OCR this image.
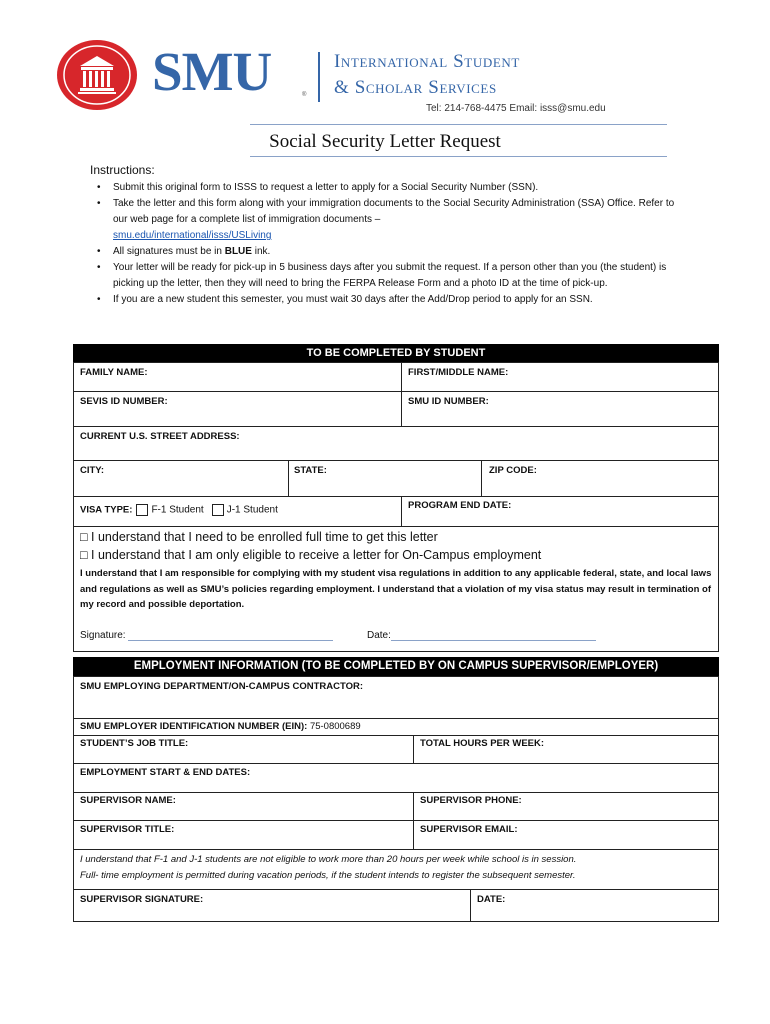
SMU	®
International Student
& Scholar Services
Tel: 214-768-4475 Email: isss@smu.edu
Social Security Letter Request
Instructions:
• Submit this original form to ISSS to request a letter to apply for a Social Security Number (SSN).
• Take the letter and this form along with your immigration documents to the Social Security Administration (SSA) Office. Refer to our web page for a complete list of immigration documents –
smu.edu/international/isss/USLiving
• All signatures must be in BLUE ink.
• Your letter will be ready for pick-up in 5 business days after you submit the request. If a person other than you (the student) is picking up the letter, then they will need to bring the FERPA Release Form and a photo ID at the time of pick-up.
• If you are a new student this semester, you must wait 30 days after the Add/Drop period to apply for an SSN.
TO BE COMPLETED BY STUDENT
FAMILY NAME:	FIRST/MIDDLE NAME:
SEVIS ID NUMBER:	SMU ID NUMBER:
CURRENT U.S. STREET ADDRESS:
CITY:	STATE:	ZIP CODE:
VISA TYPE: F-1 Student J-1 Student	PROGRAM END DATE:
□ I understand that I need to be enrolled full time to get this letter
□ I understand that I am only eligible to receive a letter for On-Campus employment
I understand that I am responsible for complying with my student visa regulations in addition to any applicable federal, state, and local laws and regulations as well as SMU’s policies regarding employment. I understand that a violation of my visa status may result in termination of my record and possible deportation.
Signature:	Date:
EMPLOYMENT INFORMATION (TO BE COMPLETED BY ON CAMPUS SUPERVISOR/EMPLOYER)
SMU EMPLOYING DEPARTMENT/ON-CAMPUS CONTRACTOR:
SMU EMPLOYER IDENTIFICATION NUMBER (EIN): 75-0800689
STUDENT’S JOB TITLE:	TOTAL HOURS PER WEEK:
EMPLOYMENT START & END DATES:
SUPERVISOR NAME:	SUPERVISOR PHONE:
SUPERVISOR TITLE:	SUPERVISOR EMAIL:
I understand that F-1 and J-1 students are not eligible to work more than 20 hours per week while school is in session.
Full- time employment is permitted during vacation periods, if the student intends to register the subsequent semester.
SUPERVISOR SIGNATURE:	DATE:
